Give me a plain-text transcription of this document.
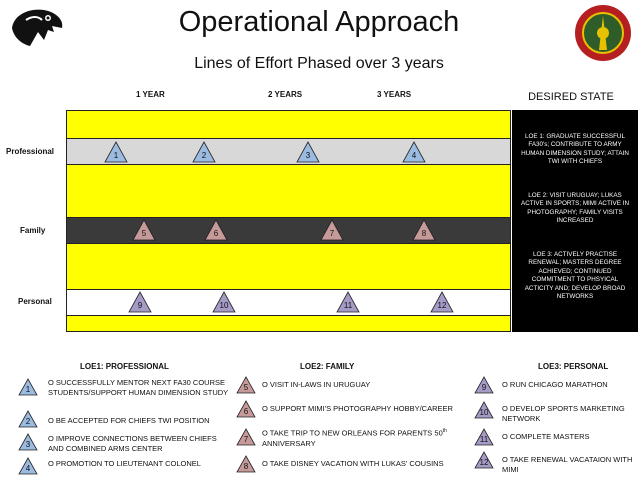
Operational Approach
Lines of Effort Phased over 3 years
1 YEAR	2 YEARS	3 YEARS	DESIRED STATE
Professional
Family
Personal
1	2	3	4
5	6	7	8
9	10	11	12
LOE 1: GRADUATE SUCCESSFUL FA30's; CONTRIBUTE TO ARMY HUMAN DIMENSION STUDY; ATTAIN TWI WITH CHIEFS
LOE 2: VISIT URUGUAY; LUKAS ACTIVE IN SPORTS; MIMI ACTIVE IN PHOTOGRAPHY; FAMILY VISITS INCREASED
LOE 3: ACTIVELY PRACTISE RENEWAL; MASTERS DEGREE ACHIEVED; CONTINUED COMMITMENT TO PHSYICAL ACTICITY AND; DEVELOP BROAD NETWORKS
LOE1: PROFESSIONAL	LOE2: FAMILY	LOE3: PERSONAL
1
O SUCCESSFULLY MENTOR NEXT FA30 COURSE STUDENTS/SUPPORT HUMAN DIMENSION STUDY
2	O BE ACCEPTED FOR CHIEFS TWI POSITION
3
O IMPROVE CONNECTIONS BETWEEN CHIEFS AND COMBINED ARMS CENTER
4
O PROMOTION TO LIEUTENANT COLONEL
5	O VISIT IN-LAWS IN URUGUAY
6	O SUPPORT MIMI'S PHOTOGRAPHY HOBBY/CAREER
7
O TAKE TRIP TO NEW ORLEANS FOR PARENTS 50th ANNIVERSARY
8	O TAKE DISNEY VACATION WITH LUKAS' COUSINS
9	O RUN CHICAGO MARATHON
10	O DEVELOP SPORTS MARKETING NETWORK
11	O COMPLETE MASTERS
12	O TAKE RENEWAL VACATAION WITH MIMI
